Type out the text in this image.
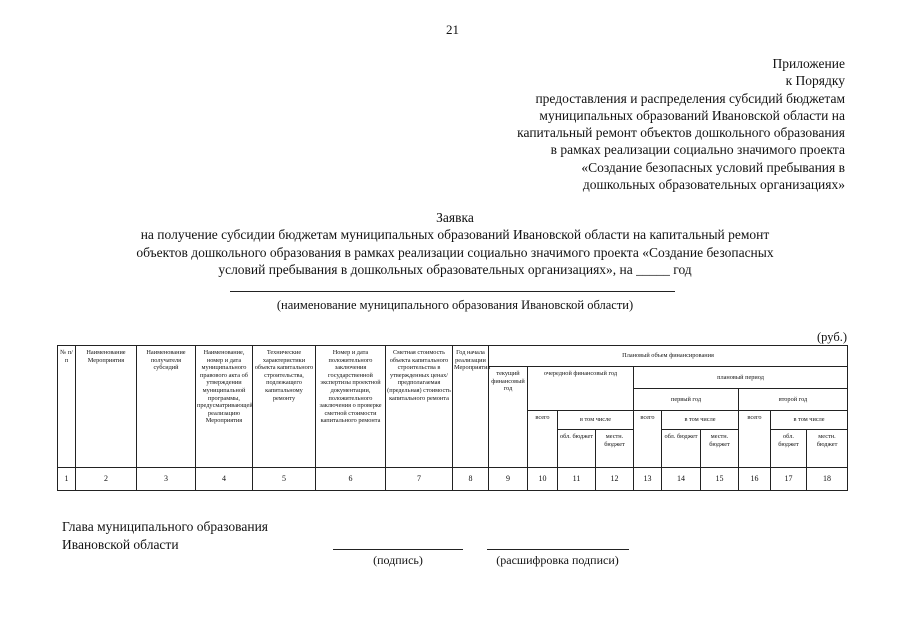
21
Приложение
к Порядку
предоставления и распределения субсидий бюджетам
муниципальных образований Ивановской области на
капитальный ремонт объектов дошкольного образования
в рамках реализации социально значимого проекта
«Создание безопасных условий пребывания в
дошкольных образовательных организациях»
Заявка
на получение субсидии бюджетам муниципальных образований Ивановской области на капитальный ремонт
объектов дошкольного образования в рамках реализации социально значимого проекта «Создание безопасных
условий пребывания в дошкольных образовательных организациях», на _____ год
(наименование муниципального образования Ивановской области)
(руб.)
№ п/п	Наименование Мероприятия	Наименование получателя субсидий	Наименование, номер и дата муниципального правового акта об утверждении муниципальной программы, предусматривающей реализацию Мероприятия	Технические характеристики объекта капитального строительства, подлежащего капитальному ремонту	Номер и дата положительного заключения государственной экспертизы проектной документации, положительного заключения о проверке сметной стоимости капитального ремонта	Сметная стоимость объекта капитального строительства в утвержденных ценах/предполагаемая (предельная) стоимость капитального ремонта	Год начала реализации Мероприятия	Плановый объем финансирования									
								текущий финансовый год	очередной финансовый год			плановый период					
												первый год			второй год		
									всего	в том числе		всего	в том числе		всего	в том числе	
										обл. бюджет	местн. бюджет		обл. бюджет	местн. бюджет		обл. бюджет	местн. бюджет
1	2	3	4	5	6	7	8	9	10	11	12	13	14	15	16	17	18
Глава муниципального образования
Ивановской области
(подпись)	(расшифровка подписи)
